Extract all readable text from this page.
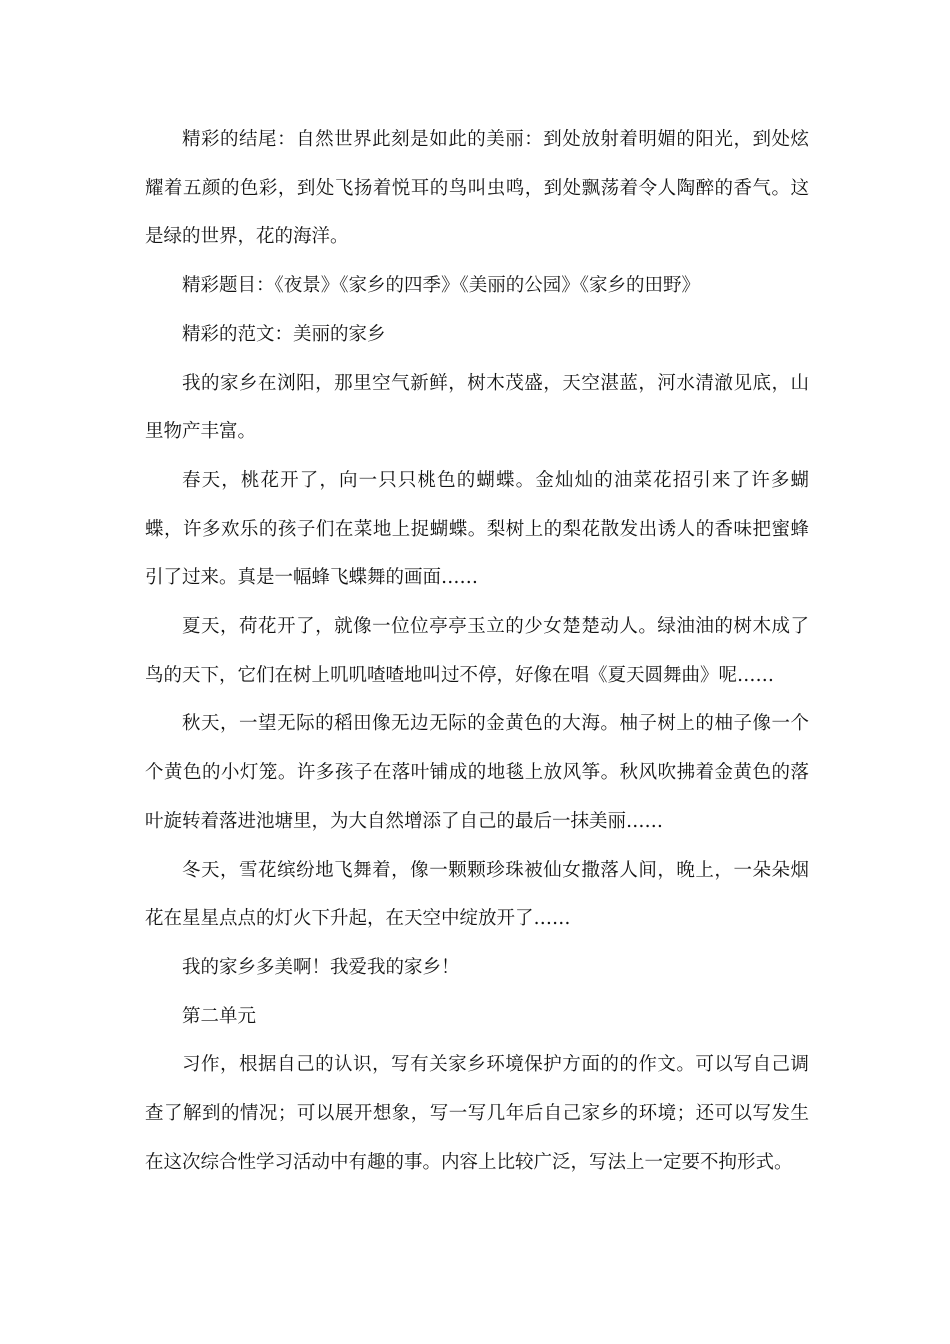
精彩的结尾：自然世界此刻是如此的美丽：到处放射着明媚的阳光，到处炫耀着五颜的色彩，到处飞扬着悦耳的鸟叫虫鸣，到处飘荡着令人陶醉的香气。这是绿的世界，花的海洋。

精彩题目：《夜景》《家乡的四季》《美丽的公园》《家乡的田野》

精彩的范文：美丽的家乡

我的家乡在浏阳，那里空气新鲜，树木茂盛，天空湛蓝，河水清澈见底，山里物产丰富。

春天，桃花开了，向一只只桃色的蝴蝶。金灿灿的油菜花招引来了许多蝴蝶，许多欢乐的孩子们在菜地上捉蝴蝶。梨树上的梨花散发出诱人的香味把蜜蜂引了过来。真是一幅蜂飞蝶舞的画面……

夏天，荷花开了，就像一位位亭亭玉立的少女楚楚动人。绿油油的树木成了鸟的天下，它们在树上叽叽喳喳地叫过不停，好像在唱《夏天圆舞曲》呢……

秋天，一望无际的稻田像无边无际的金黄色的大海。柚子树上的柚子像一个个黄色的小灯笼。许多孩子在落叶铺成的地毯上放风筝。秋风吹拂着金黄色的落叶旋转着落进池塘里，为大自然增添了自己的最后一抹美丽……

冬天，雪花缤纷地飞舞着，像一颗颗珍珠被仙女撒落人间，晚上，一朵朵烟花在星星点点的灯火下升起，在天空中绽放开了……

我的家乡多美啊！我爱我的家乡！

第二单元

习作，根据自己的认识，写有关家乡环境保护方面的的作文。可以写自己调查了解到的情况；可以展开想象，写一写几年后自己家乡的环境；还可以写发生在这次综合性学习活动中有趣的事。内容上比较广泛，写法上一定要不拘形式。
